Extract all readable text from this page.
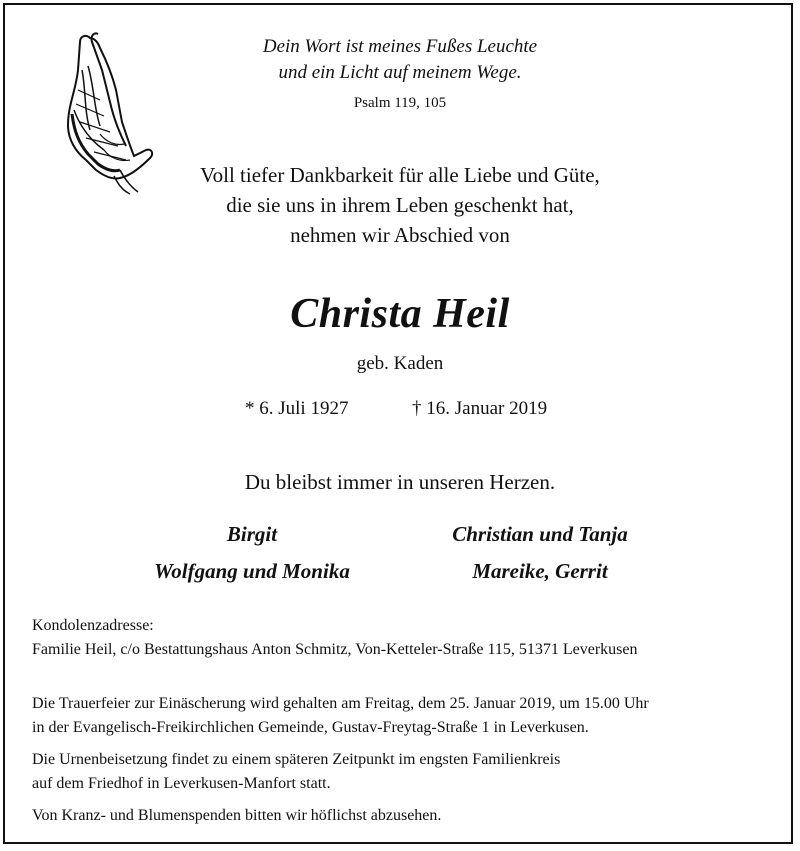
Dein Wort ist meines Fußes Leuchte
und ein Licht auf meinem Wege.
Psalm 119, 105
Voll tiefer Dankbarkeit für alle Liebe und Güte,
die sie uns in ihrem Leben geschenkt hat,
nehmen wir Abschied von
Christa Heil
geb. Kaden
* 6. Juli 1927	† 16. Januar 2019
Du bleibst immer in unseren Herzen.
Birgit
Wolfgang und Monika
Christian und Tanja
Mareike, Gerrit
Kondolenzadresse:
Familie Heil, c/o Bestattungshaus Anton Schmitz, Von-Ketteler-Straße 115, 51371 Leverkusen
Die Trauerfeier zur Einäscherung wird gehalten am Freitag, dem 25. Januar 2019, um 15.00 Uhr
in der Evangelisch-Freikirchlichen Gemeinde, Gustav-Freytag-Straße 1 in Leverkusen.
Die Urnenbeisetzung findet zu einem späteren Zeitpunkt im engsten Familienkreis
auf dem Friedhof in Leverkusen-Manfort statt.
Von Kranz- und Blumenspenden bitten wir höflichst abzusehen.
